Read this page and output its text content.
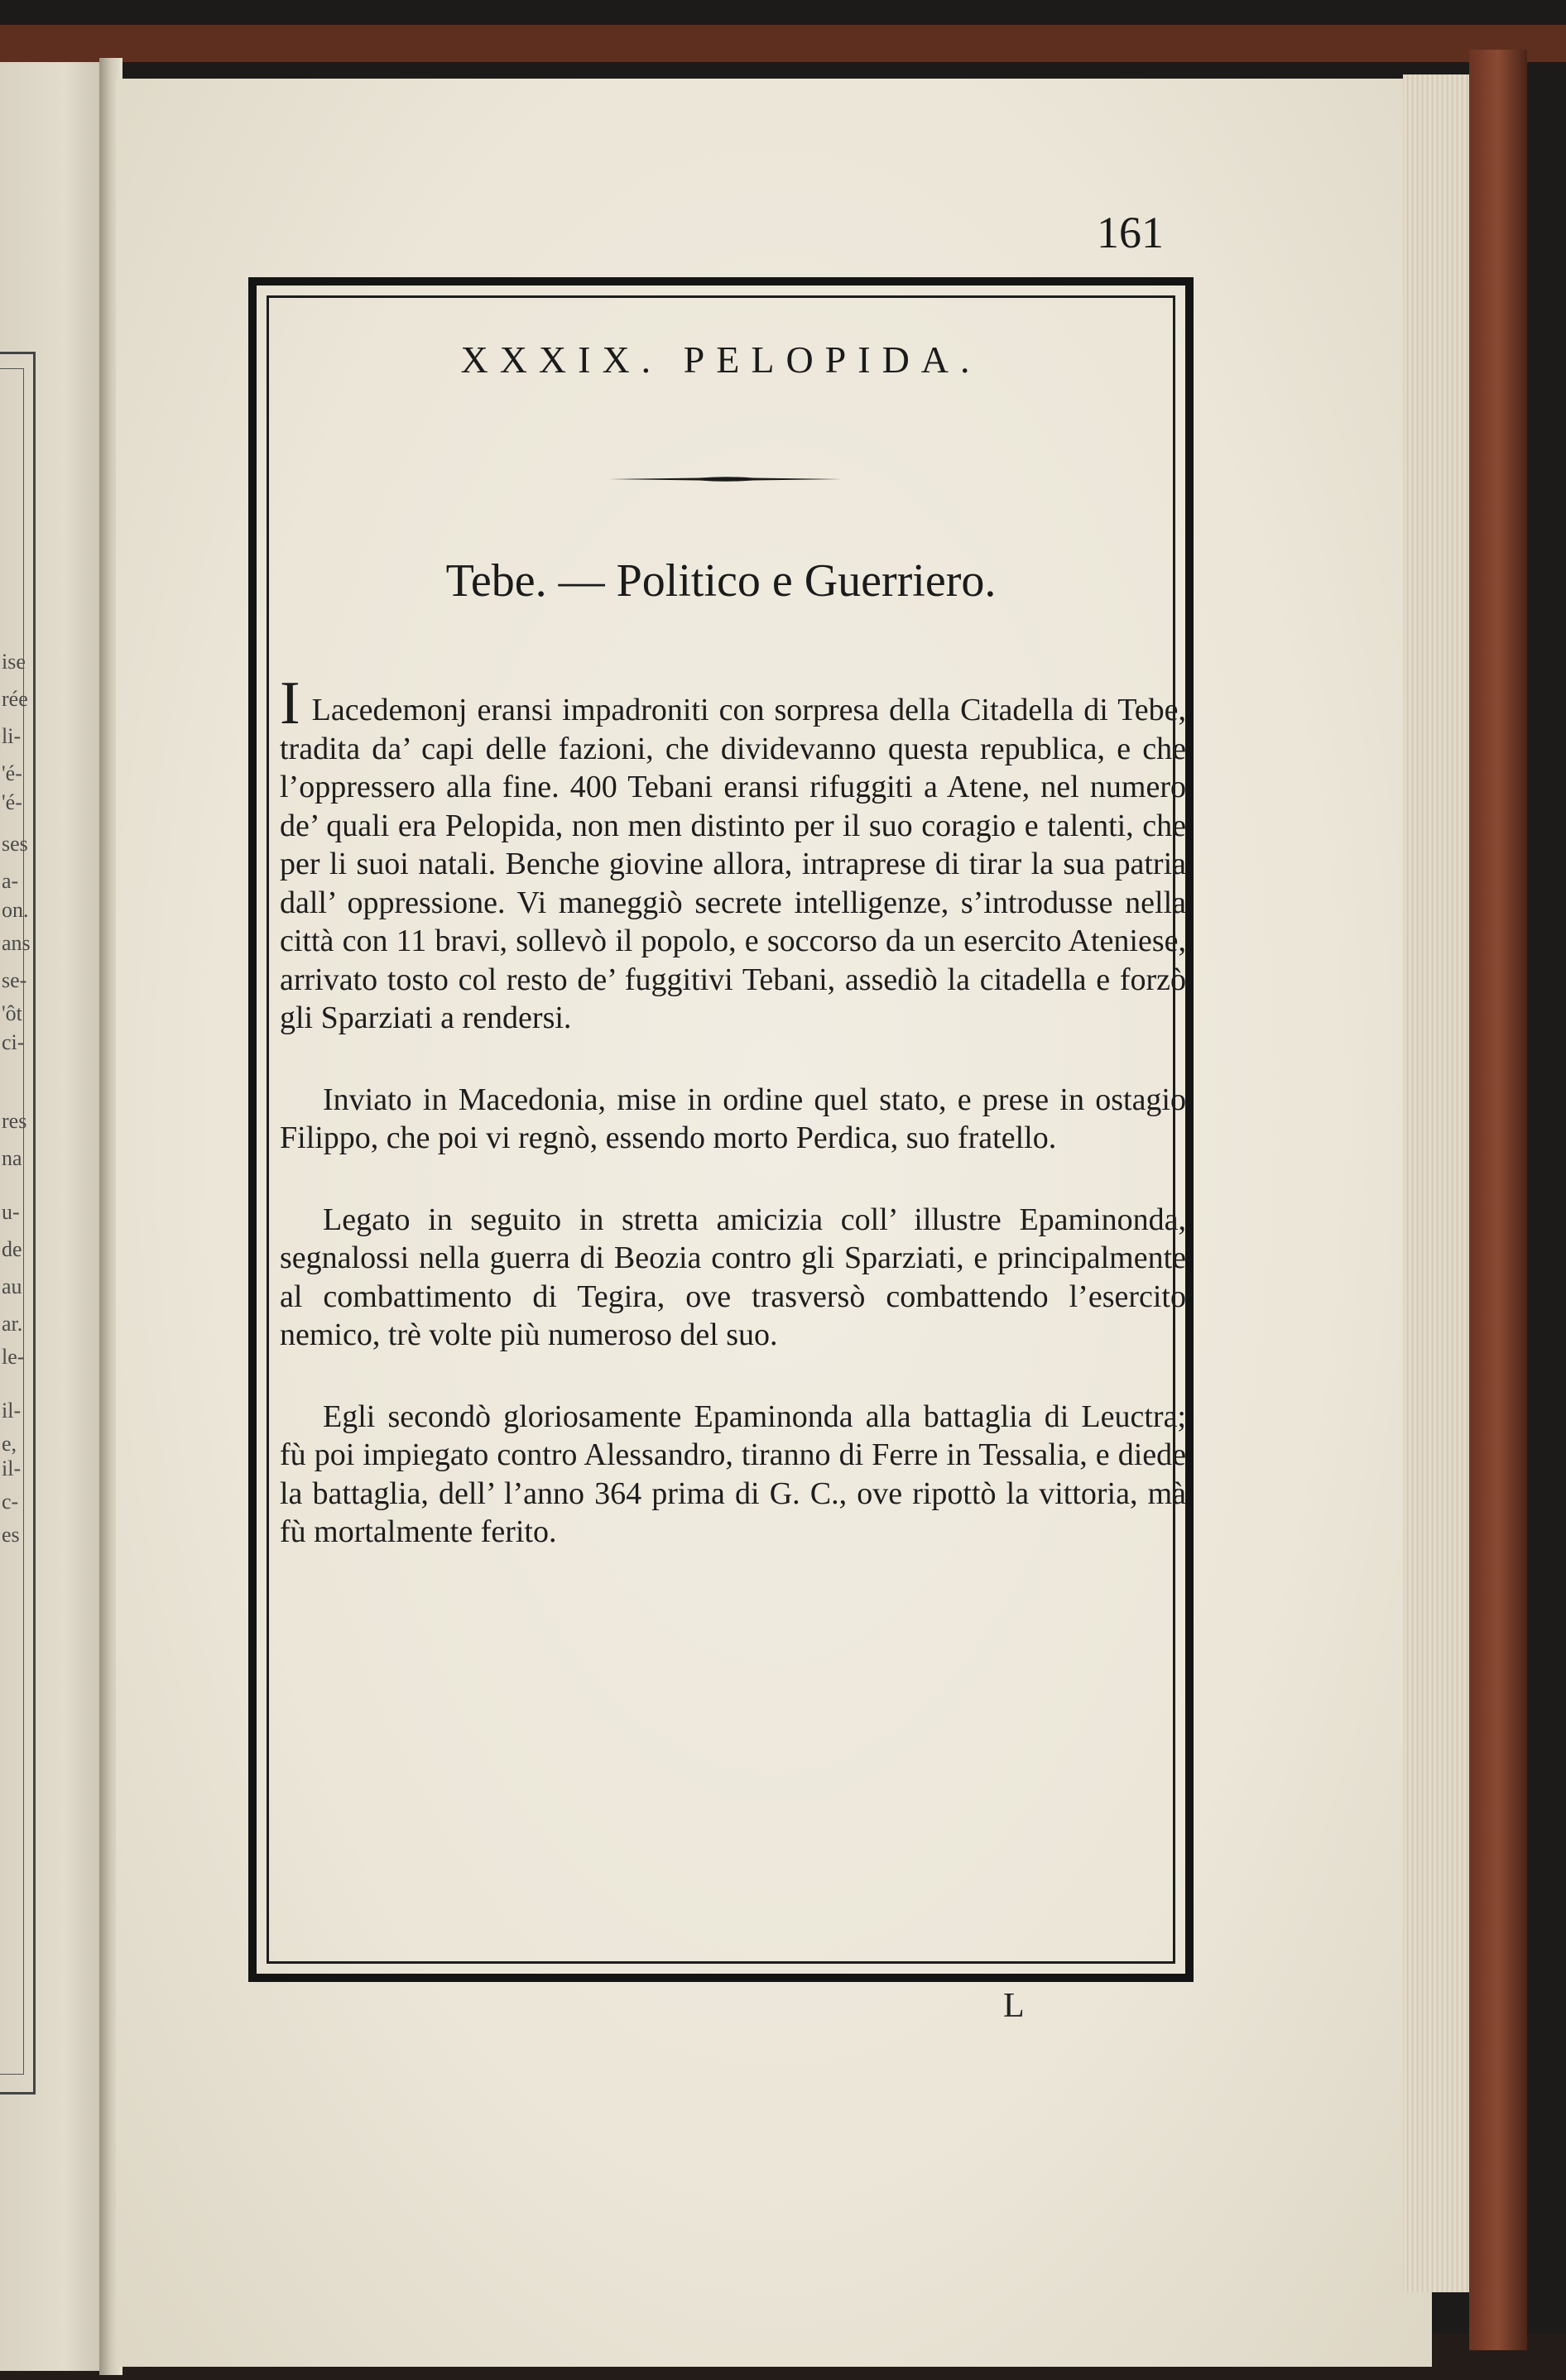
ise
rée
li-
'é-
'é-
ses
a-
on.
ans
se-
'ôt
ci-
res
na
u-
de
au
ar.
le-
il-
e,
il-
c-
es
161
XXXIX. PELOPIDA.
Tebe. — Politico e Guerriero.

I Lacedemonj eransi impadroniti con sorpresa della Citadella di Tebe, tradita da’ capi delle fazioni, che dividevanno questa republica, e che l’oppressero alla fine. 400 Tebani eransi rifuggiti a Atene, nel numero de’ quali era Pelopida, non men distinto per il suo coragio e talenti, che per li suoi natali. Benche giovine allora, intraprese di tirar la sua patria dall’ oppressione. Vi maneggiò secrete intelligenze, s’introdusse nella città con 11 bravi, sollevò il popolo, e soccorso da un esercito Ateniese, arrivato tosto col resto de’ fuggitivi Tebani, assediò la citadella e forzò gli Sparziati a rendersi.

Inviato in Macedonia, mise in ordine quel stato, e prese in ostagio Filippo, che poi vi regnò, essendo morto Perdica, suo fratello.

Legato in seguito in stretta amicizia coll’ illustre Epaminonda, segnalossi nella guerra di Beozia contro gli Sparziati, e principalmente al combattimento di Tegira, ove trasversò combattendo l’esercito nemico, trè volte più numeroso del suo.

Egli secondò gloriosamente Epaminonda alla battaglia di Leuctra; fù poi impiegato contro Alessandro, tiranno di Ferre in Tessalia, e diede la battaglia, dell’ l’anno 364 prima di G. C., ove ripottò la vittoria, mà fù mortalmente ferito.

L
